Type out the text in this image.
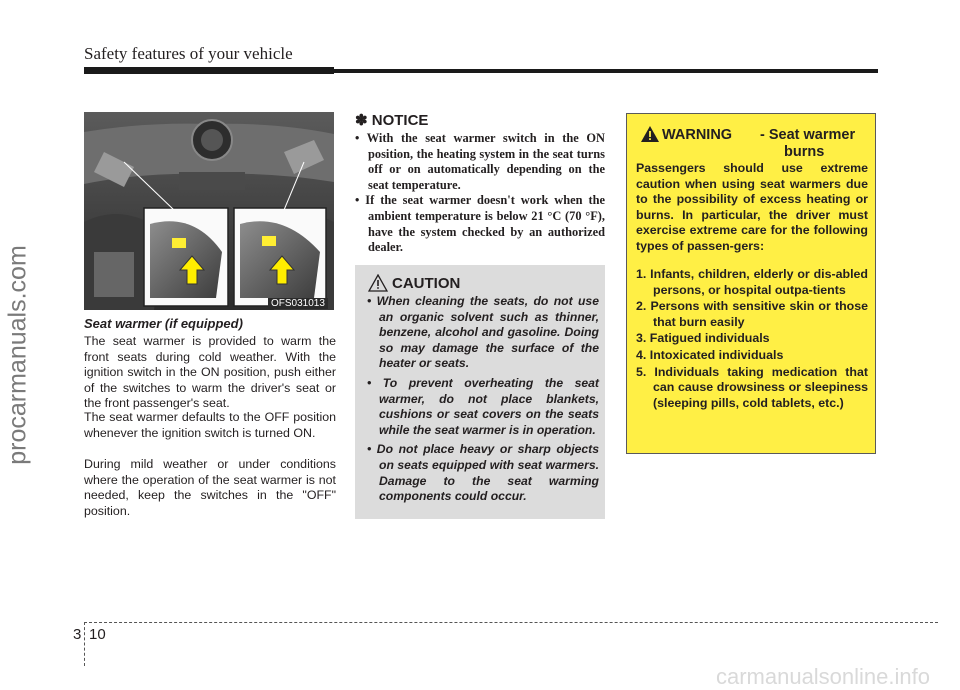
Safety features of your vehicle
procarmanuals.com	OFS031013
Seat warmer (if equipped)
The seat warmer is provided to warm the front seats during cold weather. With the ignition switch in the ON position, push either of the switches to warm the driver's seat or the front passenger's seat.
The seat warmer defaults to the OFF position whenever the ignition switch is turned ON.
During mild weather or under conditions where the operation of the seat warmer is not needed, keep the switches in the "OFF" position.
✽ NOTICE
• With the seat warmer switch in the ON position, the heating system in the seat turns off or on automatically depending on the seat temperature.
• If the seat warmer doesn't work when the ambient temperature is below 21 °C (70 °F), have the system checked by an authorized dealer.
CAUTION
• When cleaning the seats, do not use an organic solvent such as thinner, benzene, alcohol and gasoline. Doing so may damage the surface of the heater or seats.
• To prevent overheating the seat warmer, do not place blankets, cushions or seat covers on the seats while the seat warmer is in operation.
• Do not place heavy or sharp objects on seats equipped with seat warmers. Damage to the seat warming components could occur.
WARNING - Seat warmer
burns
Passengers should use extreme caution when using seat warmers due to the possibility of excess heating or burns. In particular, the driver must exercise extreme care for the following types of passen-gers:
1. Infants, children, elderly or dis-abled persons, or hospital outpa-tients
2. Persons with sensitive skin or those that burn easily
3. Fatigued individuals
4. Intoxicated individuals
5. Individuals taking medication that can cause drowsiness or sleepiness (sleeping pills, cold tablets, etc.)
3 10
carmanualsonline.info
